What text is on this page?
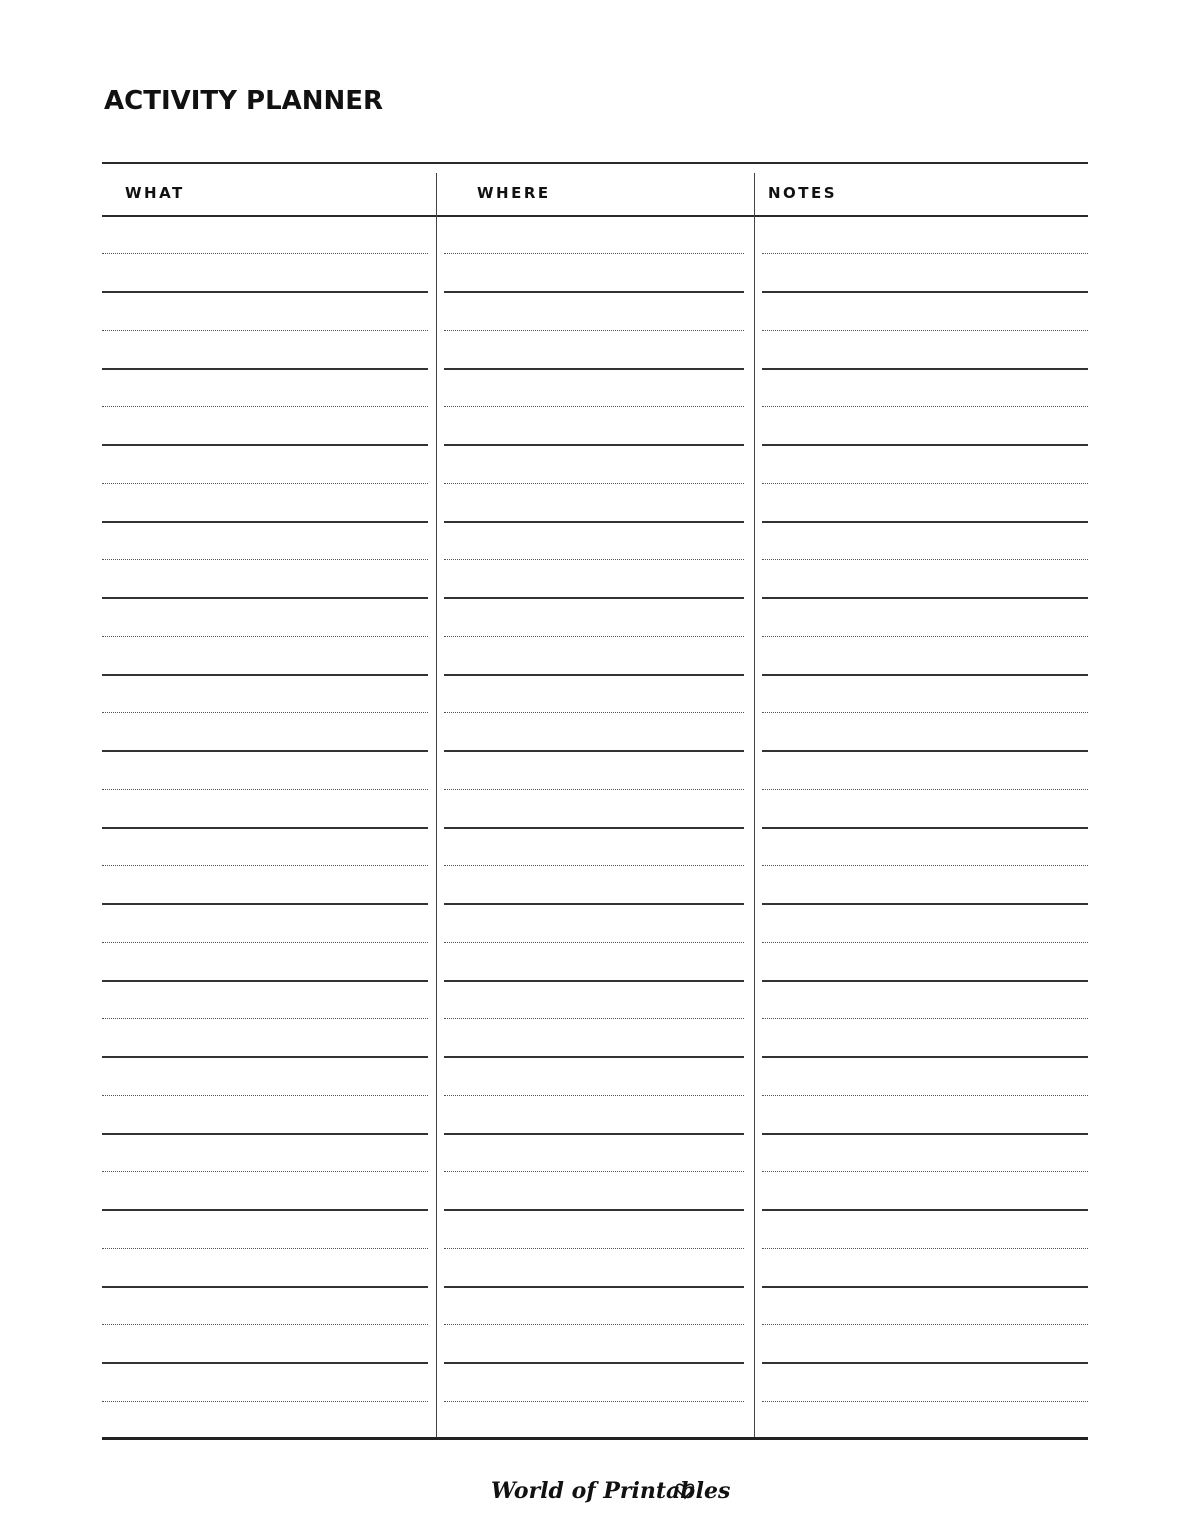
ACTIVITY PLANNER
WHAT	WHERE	NOTES
World of Printables
